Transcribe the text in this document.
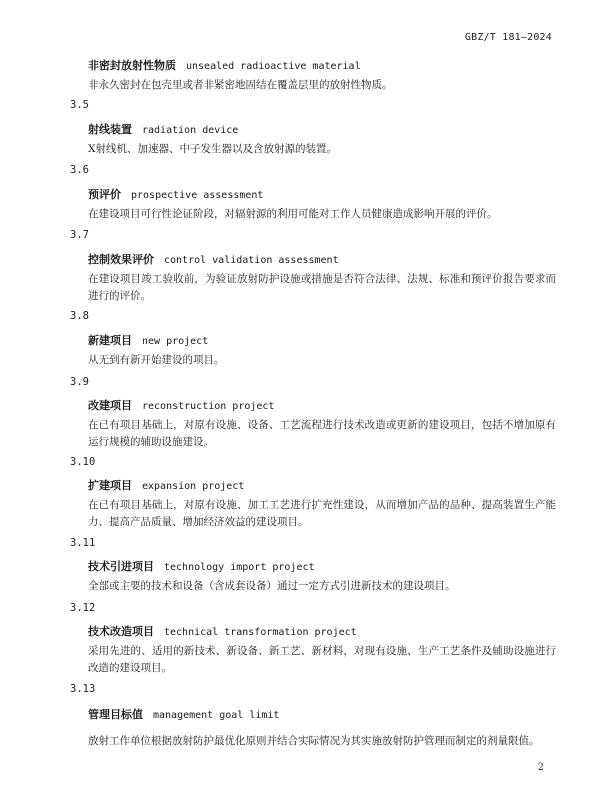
GBZ/T 181—2024
非密封放射性物质 unsealed radioactive material
非永久密封在包壳里或者非紧密地固结在覆盖层里的放射性物质。
3.5
射线装置 radiation device
X射线机、加速器、中子发生器以及含放射源的装置。
3.6
预评价 prospective assessment
在建设项目可行性论证阶段，对辐射源的利用可能对工作人员健康造成影响开展的评价。
3.7
控制效果评价 control validation assessment
在建设项目竣工验收前，为验证放射防护设施或措施是否符合法律、法规、标准和预评价报告要求而进行的评价。
3.8
新建项目 new project
从无到有新开始建设的项目。
3.9
改建项目 reconstruction project
在已有项目基础上，对原有设施、设备、工艺流程进行技术改造或更新的建设项目，包括不增加原有运行规模的辅助设施建设。
3.10
扩建项目 expansion project
在已有项目基础上，对原有设施、加工工艺进行扩充性建设，从而增加产品的品种、提高装置生产能力、提高产品质量、增加经济效益的建设项目。
3.11
技术引进项目 technology import project
全部或主要的技术和设备（含成套设备）通过一定方式引进新技术的建设项目。
3.12
技术改造项目 technical transformation project
采用先进的、适用的新技术、新设备、新工艺、新材料，对现有设施、生产工艺条件及辅助设施进行改造的建设项目。
3.13
管理目标值 management goal limit
放射工作单位根据放射防护最优化原则并结合实际情况为其实施放射防护管理而制定的剂量限值。
2
